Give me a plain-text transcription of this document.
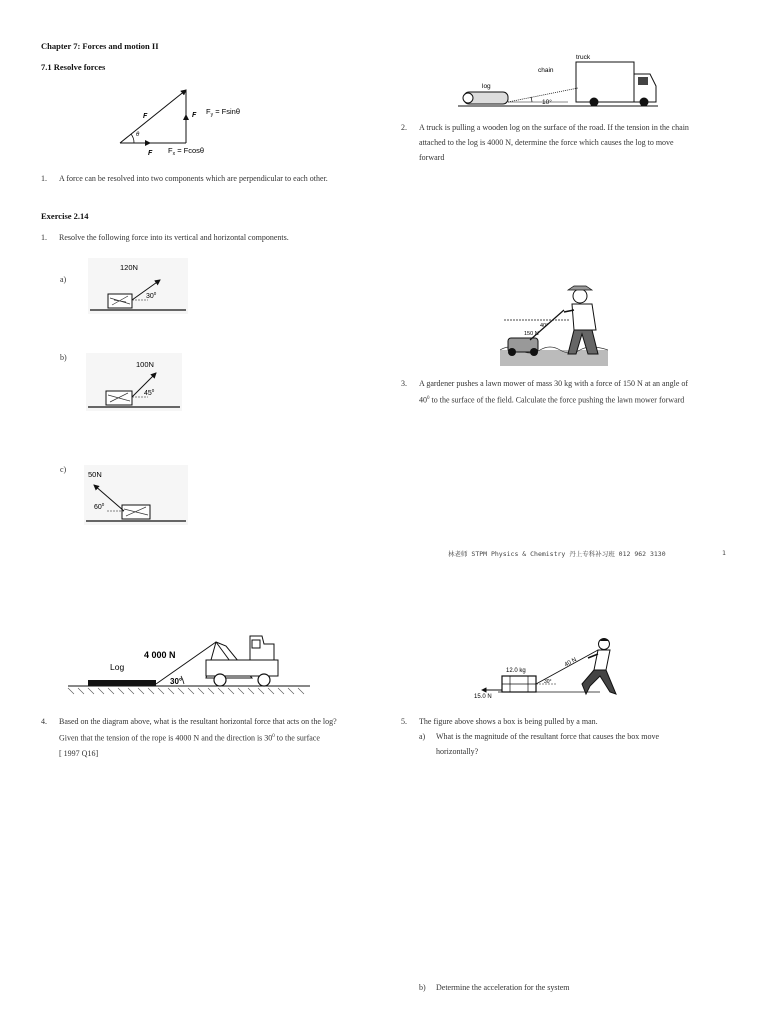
Chapter 7: Forces and motion II
7.1 Resolve forces
θ
F	F $F_y = Fsin\theta$
F $F_x = Fcos\theta$
1. A force can be resolved into two components which are perpendicular to each other.
Exercise 2.14
1. Resolve the following force into its vertical and horizontal components.
a)
120N
$30^0$
b)
100N
$45^0$
c)
50N
$60^0$
truck
chain
log
10°
2. A truck is pulling a wooden log on the surface of the road. If the tension in the chain
attached to the log is 4000 N, determine the force which causes the log to move
forward
40°
150 N
3. A gardener pushes a lawn mower of mass 30 kg with a force of 150 N at an angle of
$40^0$ to the surface of the field. Calculate the force pushing the lawn mower forward
林老师 STPM Physics & Chemistry 丹上专科补习班 012 962 3130	1
4 000 N
Log
30°
4. Based on the diagram above, what is the resultant horizontal force that acts on the log?
Given that the tension of the rope is 4000 N and the direction is $30^0$ to the surface
[ 1997 Q16]
12.0 kg
40 N
15.0 N
30°
5. The figure above shows a box is being pulled by a man.
a) What is the magnitude of the resultant force that causes the box move
horizontally?
b) Determine the acceleration for the system
